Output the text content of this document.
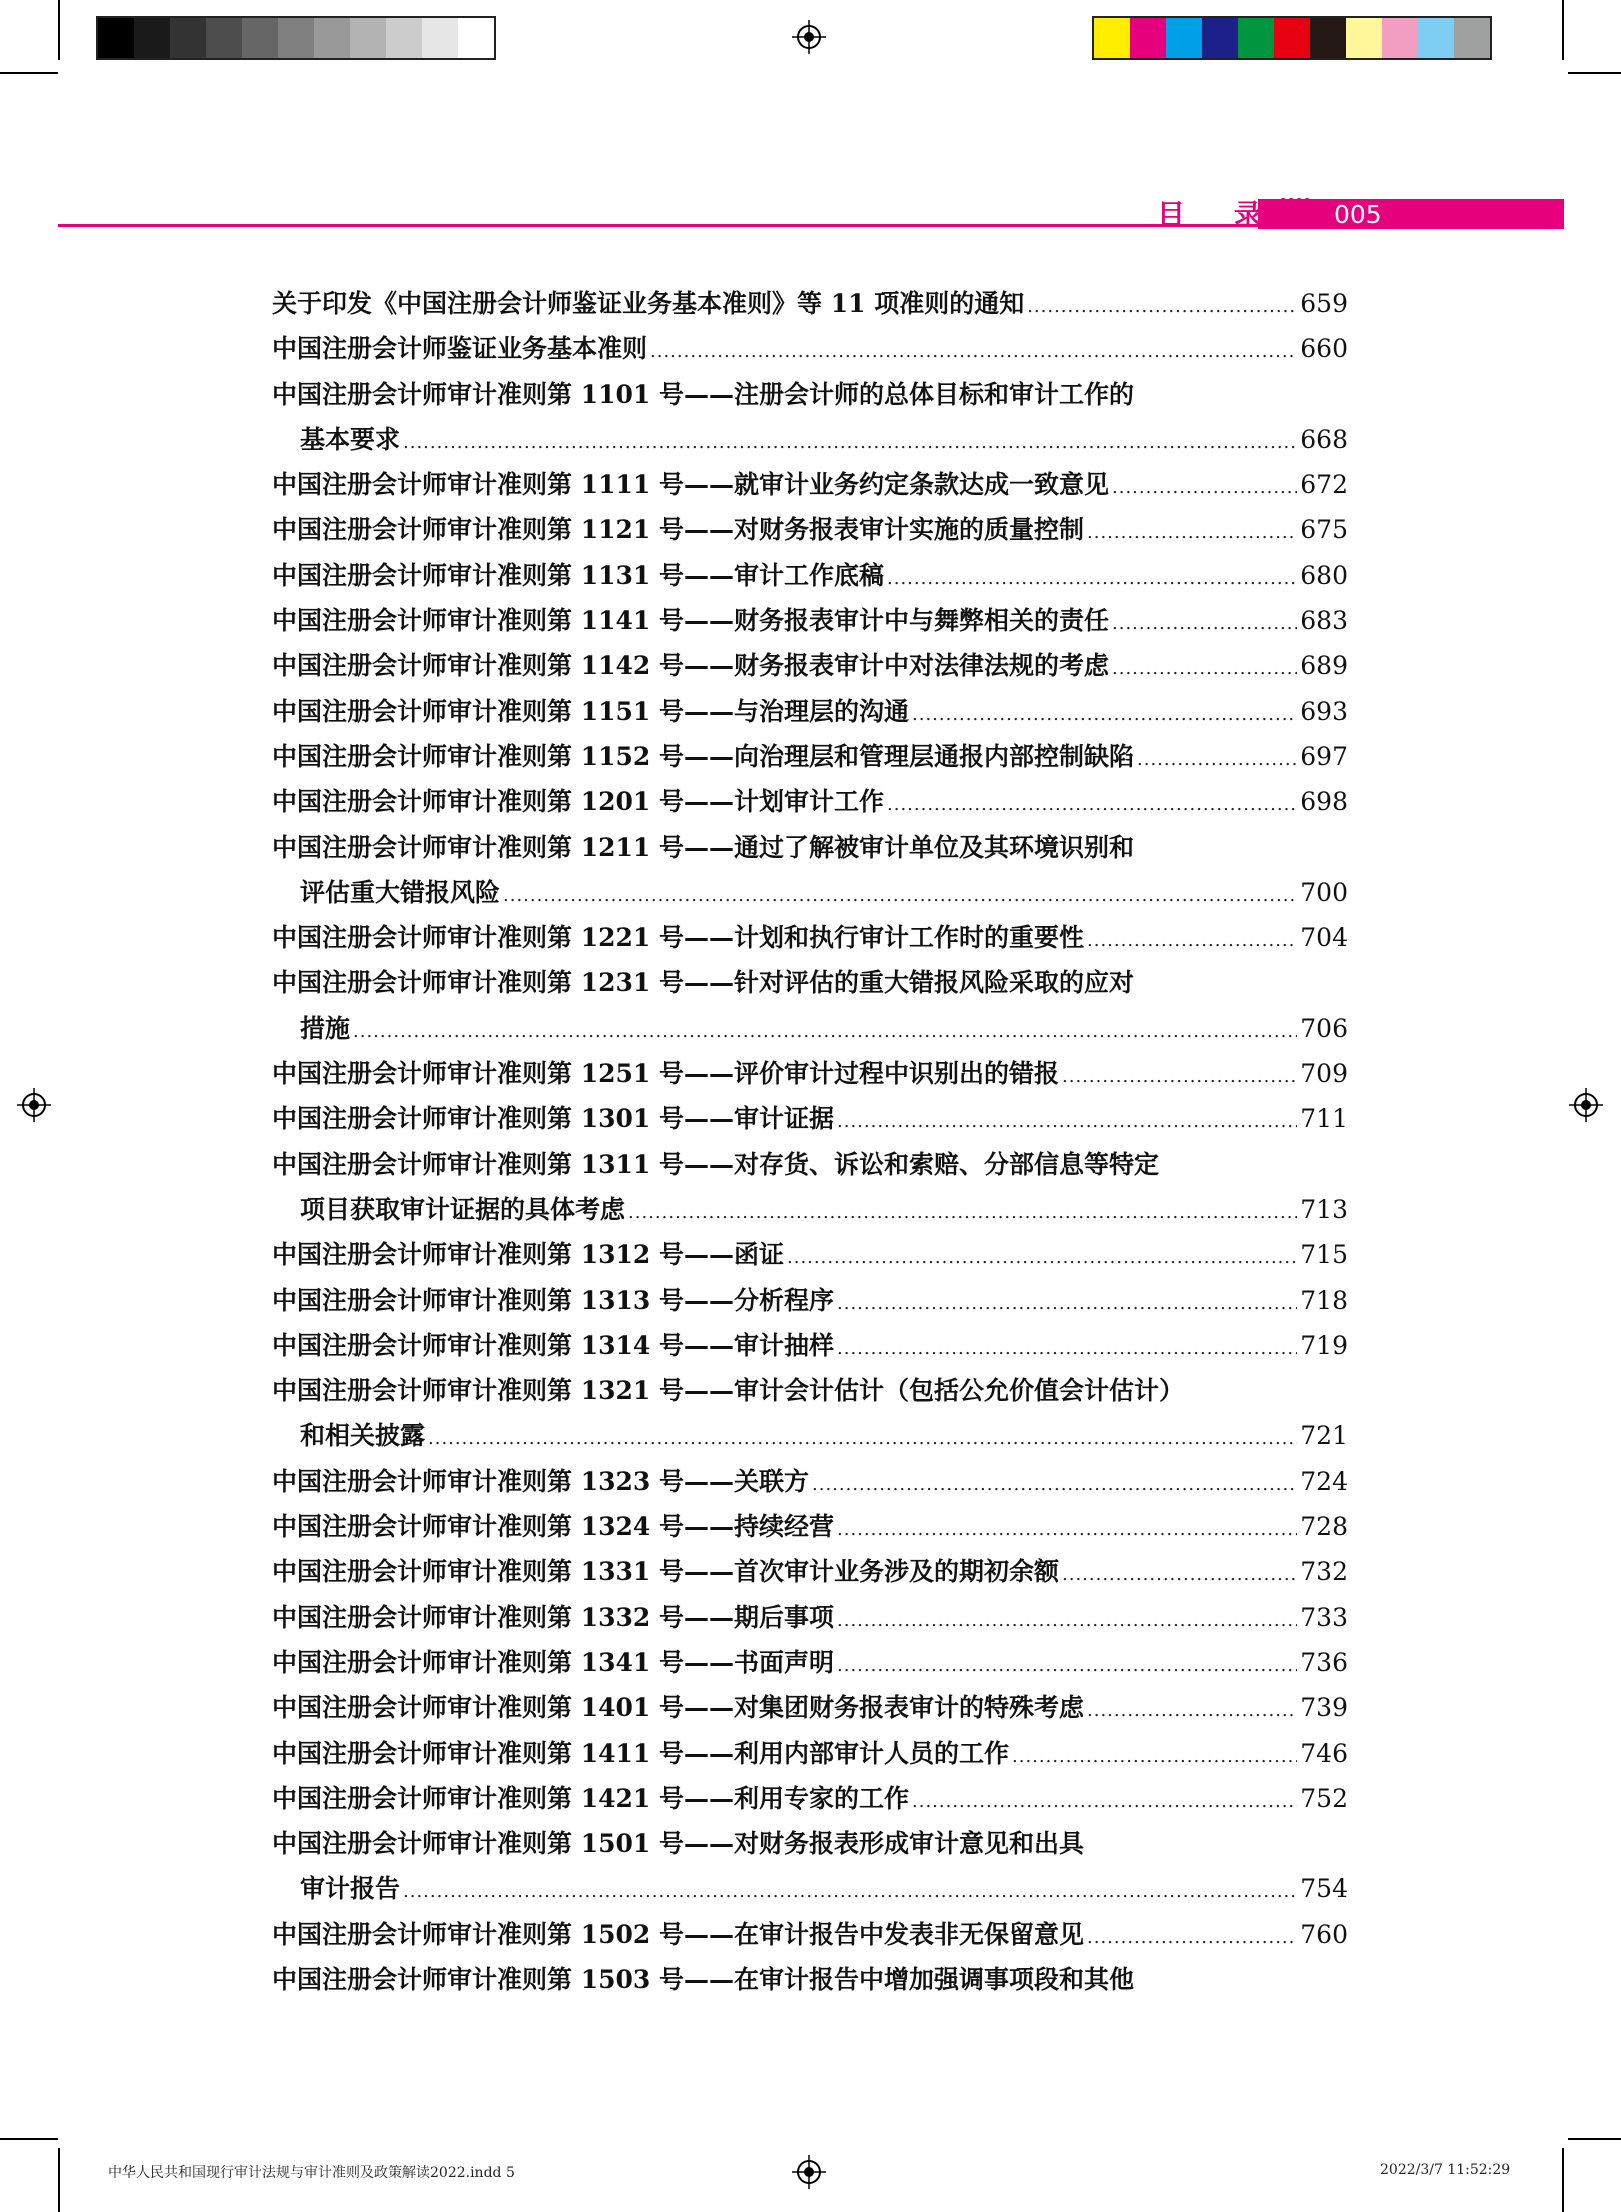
目 录 //// 005
关于印发《中国注册会计师鉴证业务基本准则》等 11 项准则的通知 .....	659
中国注册会计师鉴证业务基本准则 .....	660
中国注册会计师审计准则第 1101 号——注册会计师的总体目标和审计工作的
基本要求 .....	668
中国注册会计师审计准则第 1111 号——就审计业务约定条款达成一致意见 .....	672
中国注册会计师审计准则第 1121 号——对财务报表审计实施的质量控制 .....	675
中国注册会计师审计准则第 1131 号——审计工作底稿 .....	680
中国注册会计师审计准则第 1141 号——财务报表审计中与舞弊相关的责任 .....	683
中国注册会计师审计准则第 1142 号——财务报表审计中对法律法规的考虑 .....	689
中国注册会计师审计准则第 1151 号——与治理层的沟通 .....	693
中国注册会计师审计准则第 1152 号——向治理层和管理层通报内部控制缺陷 .....	697
中国注册会计师审计准则第 1201 号——计划审计工作 .....	698
中国注册会计师审计准则第 1211 号——通过了解被审计单位及其环境识别和
评估重大错报风险 .....	700
中国注册会计师审计准则第 1221 号——计划和执行审计工作时的重要性 .....	704
中国注册会计师审计准则第 1231 号——针对评估的重大错报风险采取的应对
措施 .....	706
中国注册会计师审计准则第 1251 号——评价审计过程中识别出的错报 .....	709
中国注册会计师审计准则第 1301 号——审计证据 .....	711
中国注册会计师审计准则第 1311 号——对存货、诉讼和索赔、分部信息等特定
项目获取审计证据的具体考虑 .....	713
中国注册会计师审计准则第 1312 号——函证 .....	715
中国注册会计师审计准则第 1313 号——分析程序 .....	718
中国注册会计师审计准则第 1314 号——审计抽样 .....	719
中国注册会计师审计准则第 1321 号——审计会计估计（包括公允价值会计估计）
和相关披露 .....	721
中国注册会计师审计准则第 1323 号——关联方 .....	724
中国注册会计师审计准则第 1324 号——持续经营 .....	728
中国注册会计师审计准则第 1331 号——首次审计业务涉及的期初余额 .....	732
中国注册会计师审计准则第 1332 号——期后事项 .....	733
中国注册会计师审计准则第 1341 号——书面声明 .....	736
中国注册会计师审计准则第 1401 号——对集团财务报表审计的特殊考虑 .....	739
中国注册会计师审计准则第 1411 号——利用内部审计人员的工作 .....	746
中国注册会计师审计准则第 1421 号——利用专家的工作 .....	752
中国注册会计师审计准则第 1501 号——对财务报表形成审计意见和出具
审计报告 .....	754
中国注册会计师审计准则第 1502 号——在审计报告中发表非无保留意见 .....	760
中国注册会计师审计准则第 1503 号——在审计报告中增加强调事项段和其他
中华人民共和国现行审计法规与审计准则及政策解读2022.indd 5	2022/3/7 11:52:29
